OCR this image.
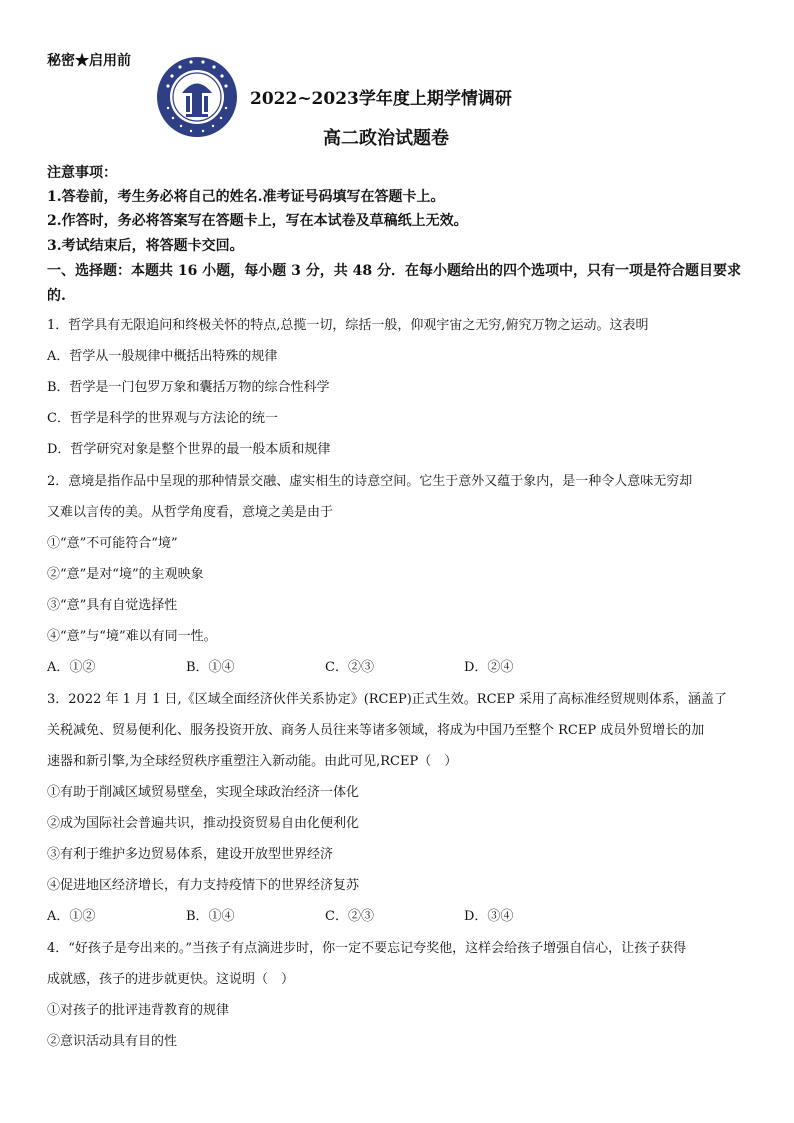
秘密★启用前
2022~2023学年度上期学情调研
高二政治试题卷
注意事项：
1.答卷前，考生务必将自己的姓名.准考证号码填写在答题卡上。
2.作答时，务必将答案写在答题卡上，写在本试卷及草稿纸上无效。
3.考试结束后，将答题卡交回。
一、选择题：本题共 16 小题，每小题 3 分，共 48 分．在每小题给出的四个选项中，只有一项是符合题目要求
的.
1．哲学具有无限追问和终极关怀的特点,总揽一切，综括一般，仰观宇宙之无穷,俯究万物之运动。这表明
A．哲学从一般规律中概括出特殊的规律
B．哲学是一门包罗万象和囊括万物的综合性科学
C．哲学是科学的世界观与方法论的统一
D．哲学研究对象是整个世界的最一般本质和规律
2．意境是指作品中呈现的那种情景交融、虚实相生的诗意空间。它生于意外又蕴于象内，是一种令人意味无穷却
又难以言传的美。从哲学角度看，意境之美是由于
①“意”不可能符合“境”
②“意”是对“境”的主观映象
③“意”具有自觉选择性
④“意”与“境”难以有同一性。
A．①②	B．①④	C．②③	D．②④
3．2022 年 1 月 1 日,《区域全面经济伙伴关系协定》(RCEP)正式生效。RCEP 采用了高标准经贸规则体系，涵盖了
关税减免、贸易便利化、服务投资开放、商务人员往来等诸多领域，将成为中国乃至整个 RCEP 成员外贸增长的加
速器和新引擎,为全球经贸秩序重塑注入新动能。由此可见,RCEP（　）
①有助于削减区域贸易壁垒，实现全球政治经济一体化
②成为国际社会普遍共识，推动投资贸易自由化便利化
③有利于维护多边贸易体系，建设开放型世界经济
④促进地区经济增长，有力支持疫情下的世界经济复苏
A．①②	B．①④	C．②③	D．③④
4．“好孩子是夸出来的。”当孩子有点滴进步时，你一定不要忘记夸奖他，这样会给孩子增强自信心，让孩子获得
成就感，孩子的进步就更快。这说明（　）
①对孩子的批评违背教育的规律
②意识活动具有目的性
